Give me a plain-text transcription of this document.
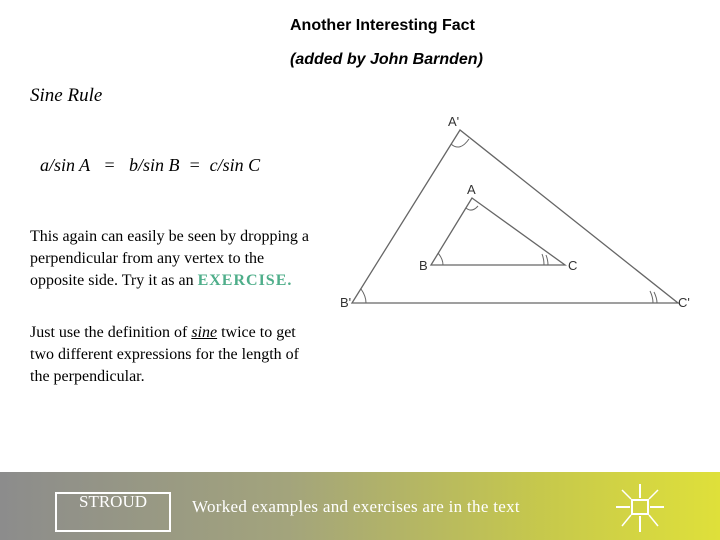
Another Interesting Fact
(added by John Barnden)
Sine Rule
a/sin A   =   b/sin B  =  c/sin C
This again can easily be seen by dropping a perpendicular from any vertex to the opposite side. Try it as an EXERCISE.
Just use the definition of sine twice to get two different expressions for the length of the perpendicular.
A'
B'	C'
A
B	C
STROUD	Worked examples and exercises are in the text
